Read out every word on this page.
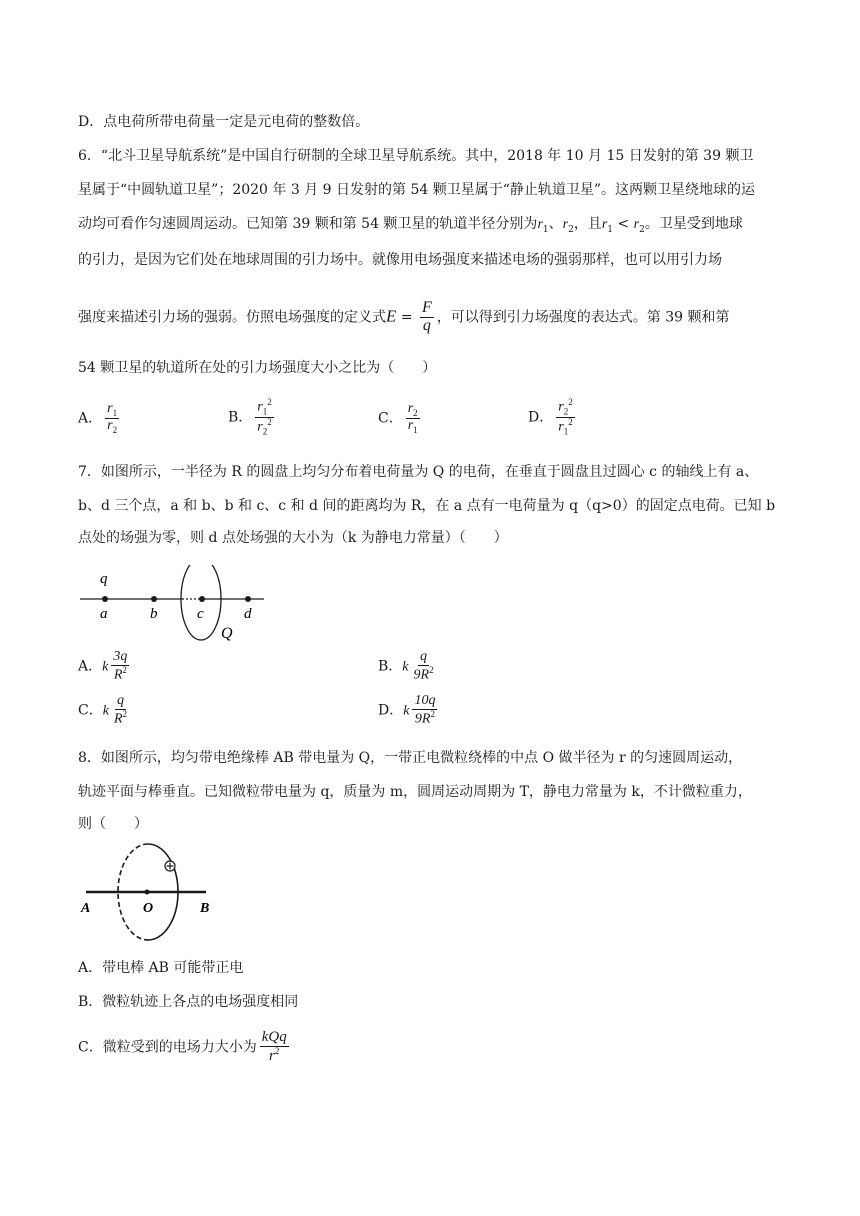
D．点电荷所带电荷量一定是元电荷的整数倍。
6．“北斗卫星导航系统”是中国自行研制的全球卫星导航系统。其中，2018 年 10 月 15 日发射的第 39 颗卫
星属于“中圆轨道卫星”；2020 年 3 月 9 日发射的第 54 颗卫星属于“静止轨道卫星”。这两颗卫星绕地球的运
动均可看作匀速圆周运动。已知第 39 颗和第 54 颗卫星的轨道半径分别为$r_1$、$r_2$，且$r_1 < r_2$。卫星受到地球
的引力，是因为它们处在地球周围的引力场中。就像用电场强度来描述电场的强弱那样，也可以用引力场
强度来描述引力场的强弱。仿照电场强度的定义式$E = \frac{F}{q}$ ，可以得到引力场强度的表达式。第 39 颗和第
54 颗卫星的轨道所在处的引力场强度大小之比为（　　）
A． $\frac{r_1}{r_2}$	B． $\frac{r_1^2}{r_2^2}$	C． $\frac{r_2}{r_1}$	D． $\frac{r_2^2}{r_1^2}$
7．如图所示，一半径为 R 的圆盘上均匀分布着电荷量为 Q 的电荷，在垂直于圆盘且过圆心 c 的轴线上有 a、
b、d 三个点，a 和 b、b 和 c、c 和 d 间的距离均为 R，在 a 点有一电荷量为 q（q>0）的固定点电荷。已知 b
点处的场强为零，则 d 点处场强的大小为（k 为静电力常量）（　　）
q
a	b	c	d
Q
A．k $\frac{3q}{R^2}$	B．k $\frac{q}{9R^2}$
C．k $\frac{q}{R^2}$	D．k $\frac{10q}{9R^2}$
8．如图所示，均匀带电绝缘棒 AB 带电量为 Q，一带正电微粒绕棒的中点 O 做半径为 r 的匀速圆周运动，
轨迹平面与棒垂直。已知微粒带电量为 q，质量为 m，圆周运动周期为 T，静电力常量为 k，不计微粒重力，
则（　　）
A	O	B
A．带电棒 AB 可能带正电
B．微粒轨迹上各点的电场强度相同
C．微粒受到的电场力大小为 $\frac{\text{kQq}}{r^2}$
